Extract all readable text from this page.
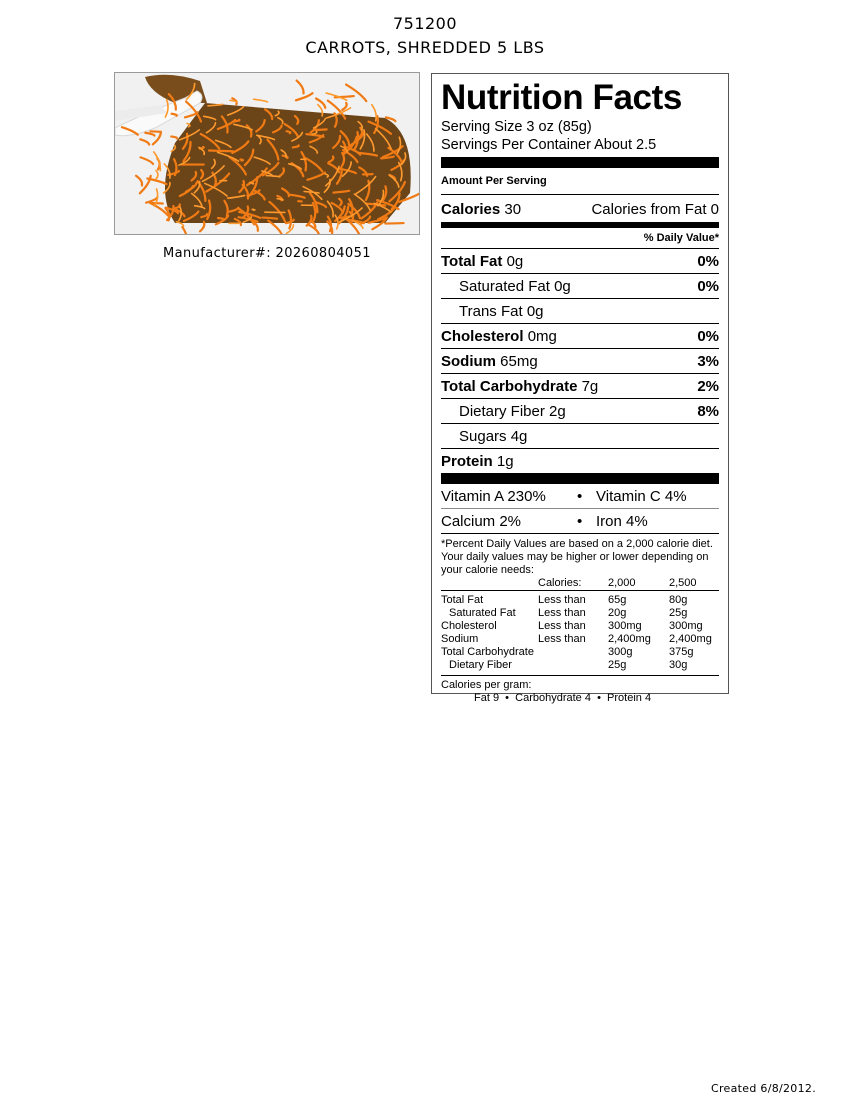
751200
CARROTS, SHREDDED 5 LBS
Manufacturer#: 20260804051
Nutrition Facts
Serving Size 3 oz (85g)
Servings Per Container About 2.5
Amount Per Serving
Calories 30	Calories from Fat 0
% Daily Value*
Total Fat 0g	0%
Saturated Fat 0g	0%
Trans Fat 0g
Cholesterol 0mg	0%
Sodium 65mg	3%
Total Carbohydrate 7g	2%
Dietary Fiber 2g	8%
Sugars 4g
Protein 1g
Vitamin A 230%	• Vitamin C 4%
Calcium 2%	• Iron 4%

*Percent Daily Values are based on a 2,000 calorie diet. Your daily values may be higher or lower depending on your calorie needs:

	Calories:	2,000	2,500
Total Fat	Less than	65g	80g
Saturated Fat	Less than	20g	25g
Cholesterol	Less than	300mg	300mg
Sodium	Less than	2,400mg	2,400mg
Total Carbohydrate		300g	375g
Dietary Fiber		25g	30g
Calories per gram:
Fat 9  •  Carbohydrate 4  •  Protein 4
Created 6/8/2012.
